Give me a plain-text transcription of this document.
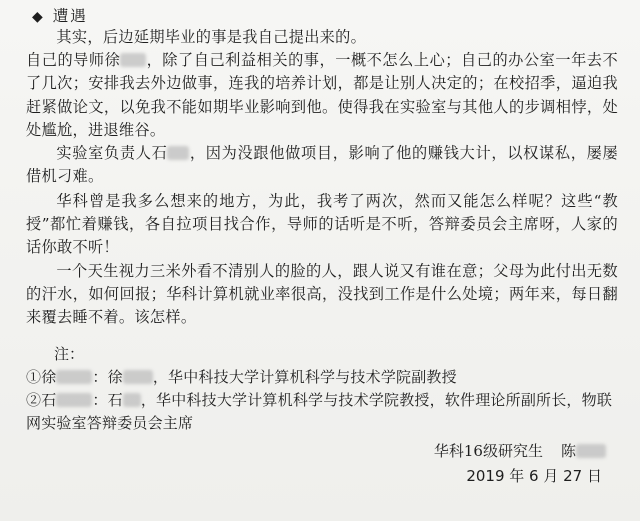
◆ 遭遇

其实，后边延期毕业的事是我自己提出来的。
自己的导师徐 ，除了自己利益相关的事，一概不怎么上心；自己的办公室一年去不了几次；安排我去外边做事，连我的培养计划，都是让别人决定的；在校招季，逼迫我赶紧做论文，以免我不能如期毕业影响到他。使得我在实验室与其他人的步调相悖，处处尴尬，进退维谷。

实验室负责人石 ，因为没跟他做项目，影响了他的赚钱大计，以权谋私，屡屡借机刁难。

华科曾是我多么想来的地方，为此，我考了两次，然而又能怎么样呢？这些“教授”都忙着赚钱，各自拉项目找合作，导师的话听是不听，答辩委员会主席呀，人家的话你敢不听！

一个天生视力三米外看不清别人的脸的人，跟人说又有谁在意；父母为此付出无数的汗水，如何回报；华科计算机就业率很高，没找到工作是什么处境；两年来，每日翻来覆去睡不着。该怎样。

注：

①徐 ：徐 ，华中科技大学计算机科学与技术学院副教授

②石 ：石 ，华中科技大学计算机科学与技术学院教授，软件理论所副所长，物联网实验室答辩委员会主席

华科16级研究生 陈
2019 年 6 月 27 日
